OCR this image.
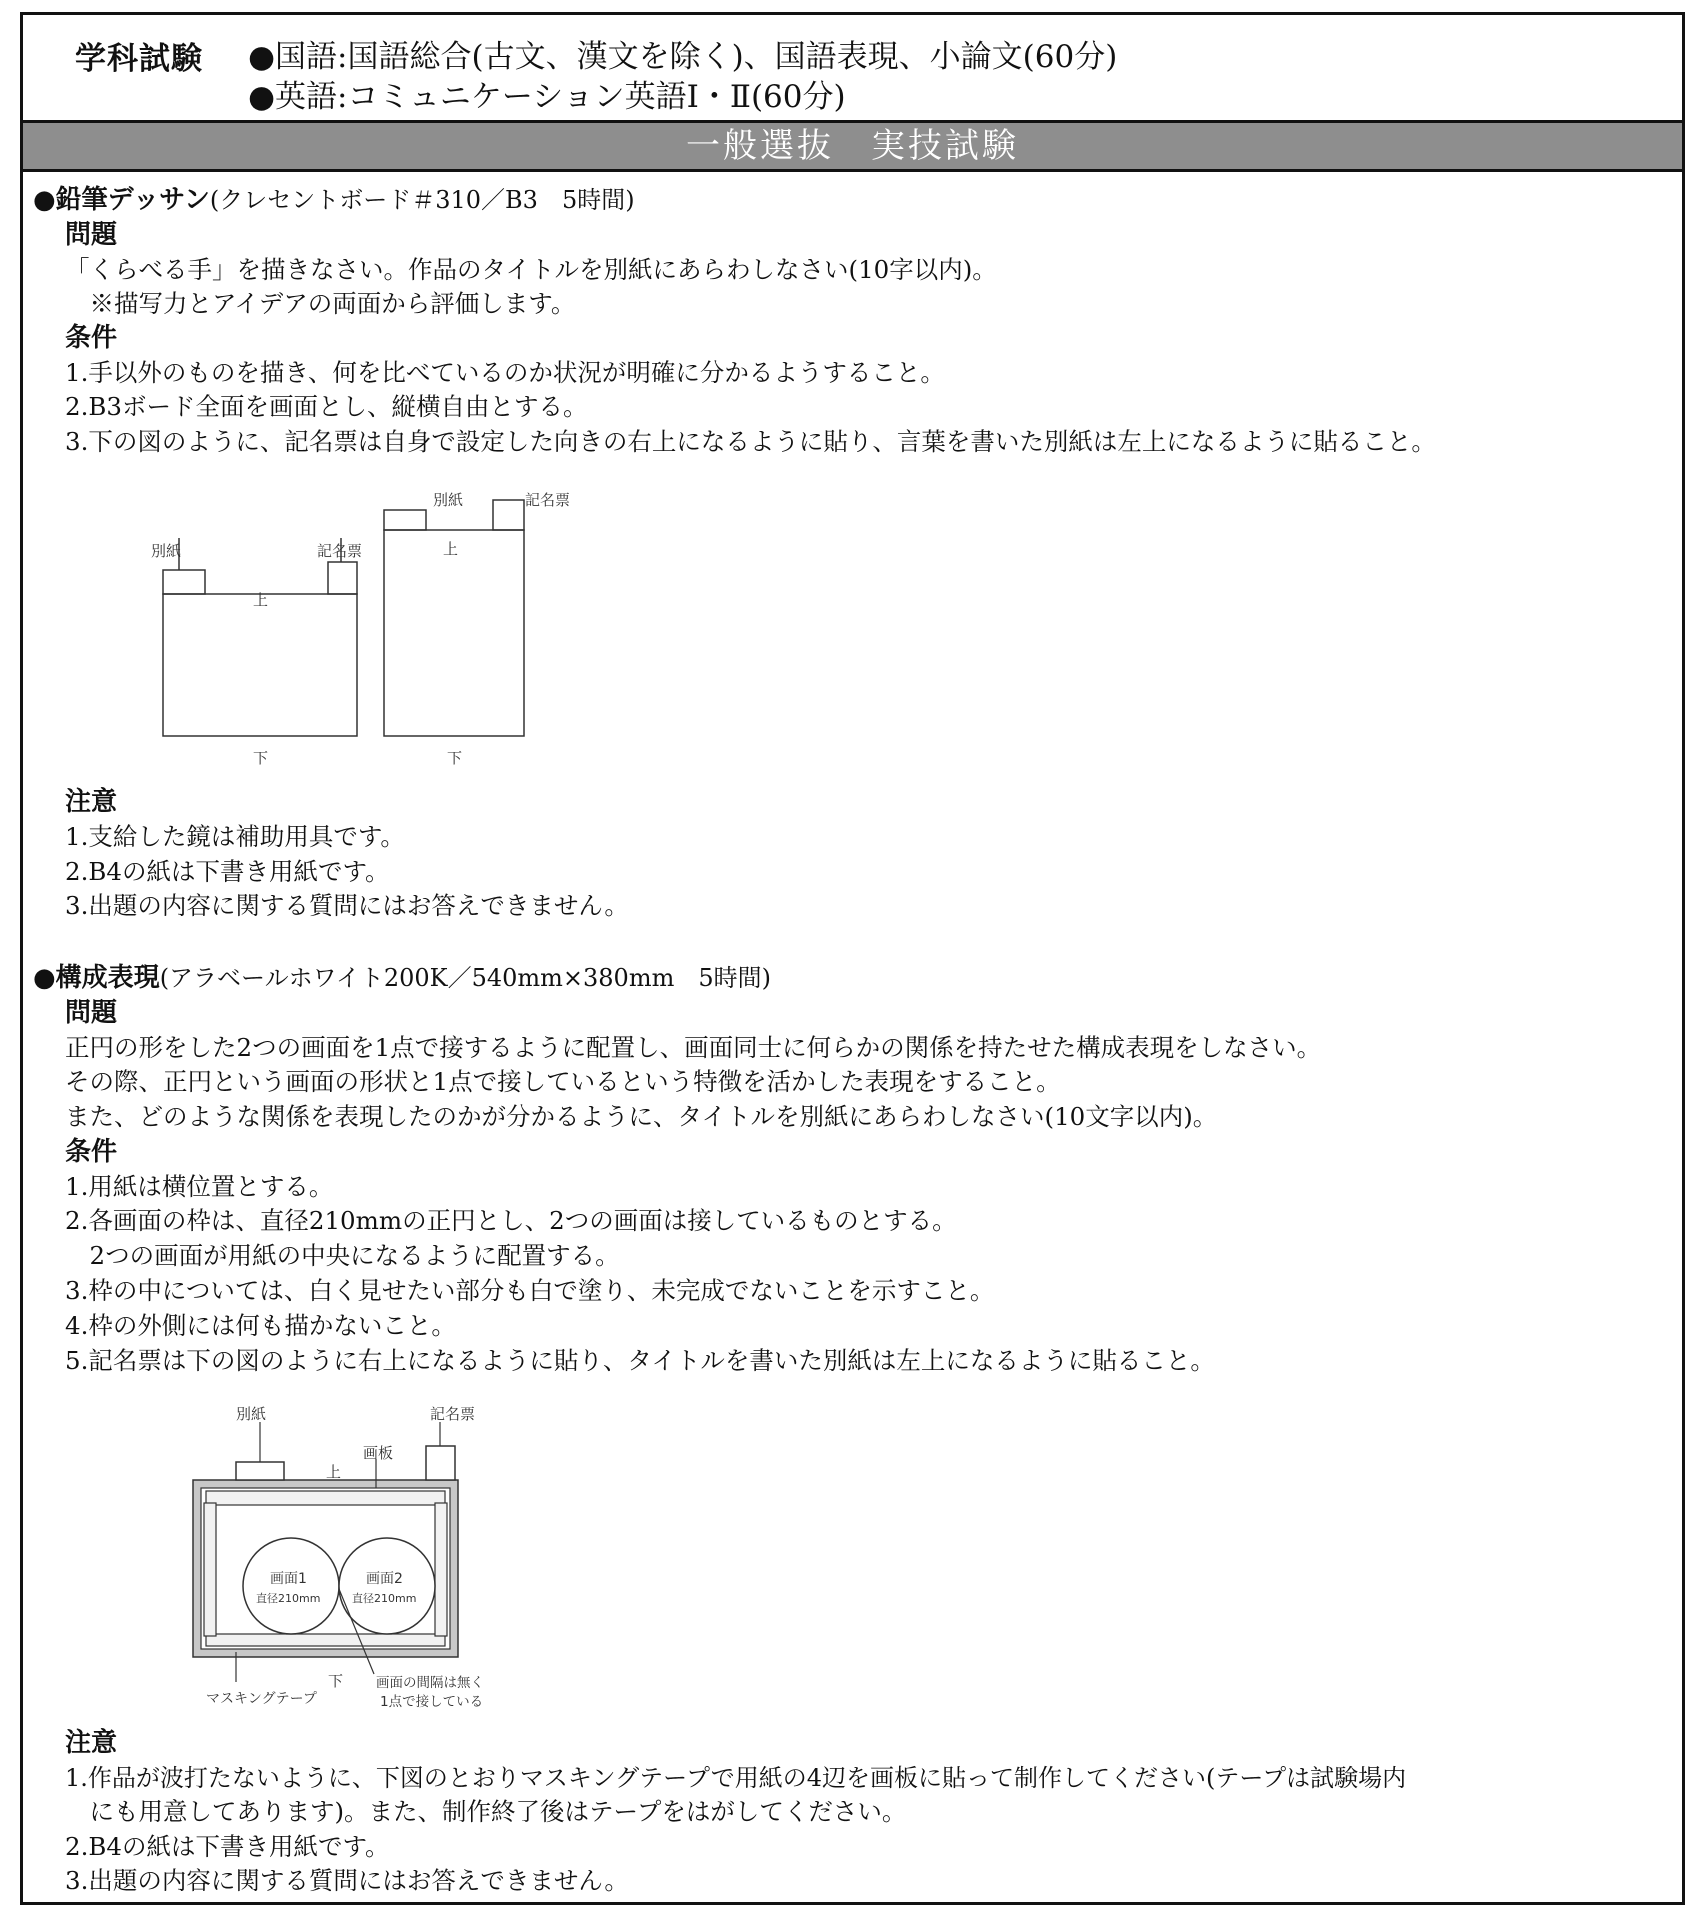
学科試験 ●国語:国語総合(古文、漢文を除く)、国語表現、小論文(60分)
●英語:コミュニケーション英語Ⅰ・Ⅱ(60分)
一般選抜　実技試験
●鉛筆デッサン(クレセントボード＃310／B3　5時間)
問題
「くらべる手」を描きなさい。作品のタイトルを別紙にあらわしなさい(10字以内)。
　※描写力とアイデアの両面から評価します。
条件
1.手以外のものを描き、何を比べているのか状況が明確に分かるようすること。
2.B3ボード全面を画面とし、縦横自由とする。
3.下の図のように、記名票は自身で設定した向きの右上になるように貼り、言葉を書いた別紙は左上になるように貼ること。
別紙	記名票
上
下
別紙	記名票
上
下
注意
1.支給した鏡は補助用具です。
2.B4の紙は下書き用紙です。
3.出題の内容に関する質問にはお答えできません。
●構成表現(アラベールホワイト200K／540mm×380mm　5時間)
問題
正円の形をした2つの画面を1点で接するように配置し、画面同士に何らかの関係を持たせた構成表現をしなさい。
その際、正円という画面の形状と1点で接しているという特徴を活かした表現をすること。
また、どのような関係を表現したのかが分かるように、タイトルを別紙にあらわしなさい(10文字以内)。
条件
1.用紙は横位置とする。
2.各画面の枠は、直径210mmの正円とし、2つの画面は接しているものとする。
　2つの画面が用紙の中央になるように配置する。
3.枠の中については、白く見せたい部分も白で塗り、未完成でないことを示すこと。
4.枠の外側には何も描かないこと。
5.記名票は下の図のように右上になるように貼り、タイトルを書いた別紙は左上になるように貼ること。
別紙	記名票
上
画板
画面1
直径210mm
画面2
直径210mm
下
マスキングテープ
画面の間隔は無く
1点で接している
注意
1.作品が波打たないように、下図のとおりマスキングテープで用紙の4辺を画板に貼って制作してください(テープは試験場内
　にも用意してあります)。また、制作終了後はテープをはがしてください。
2.B4の紙は下書き用紙です。
3.出題の内容に関する質問にはお答えできません。
